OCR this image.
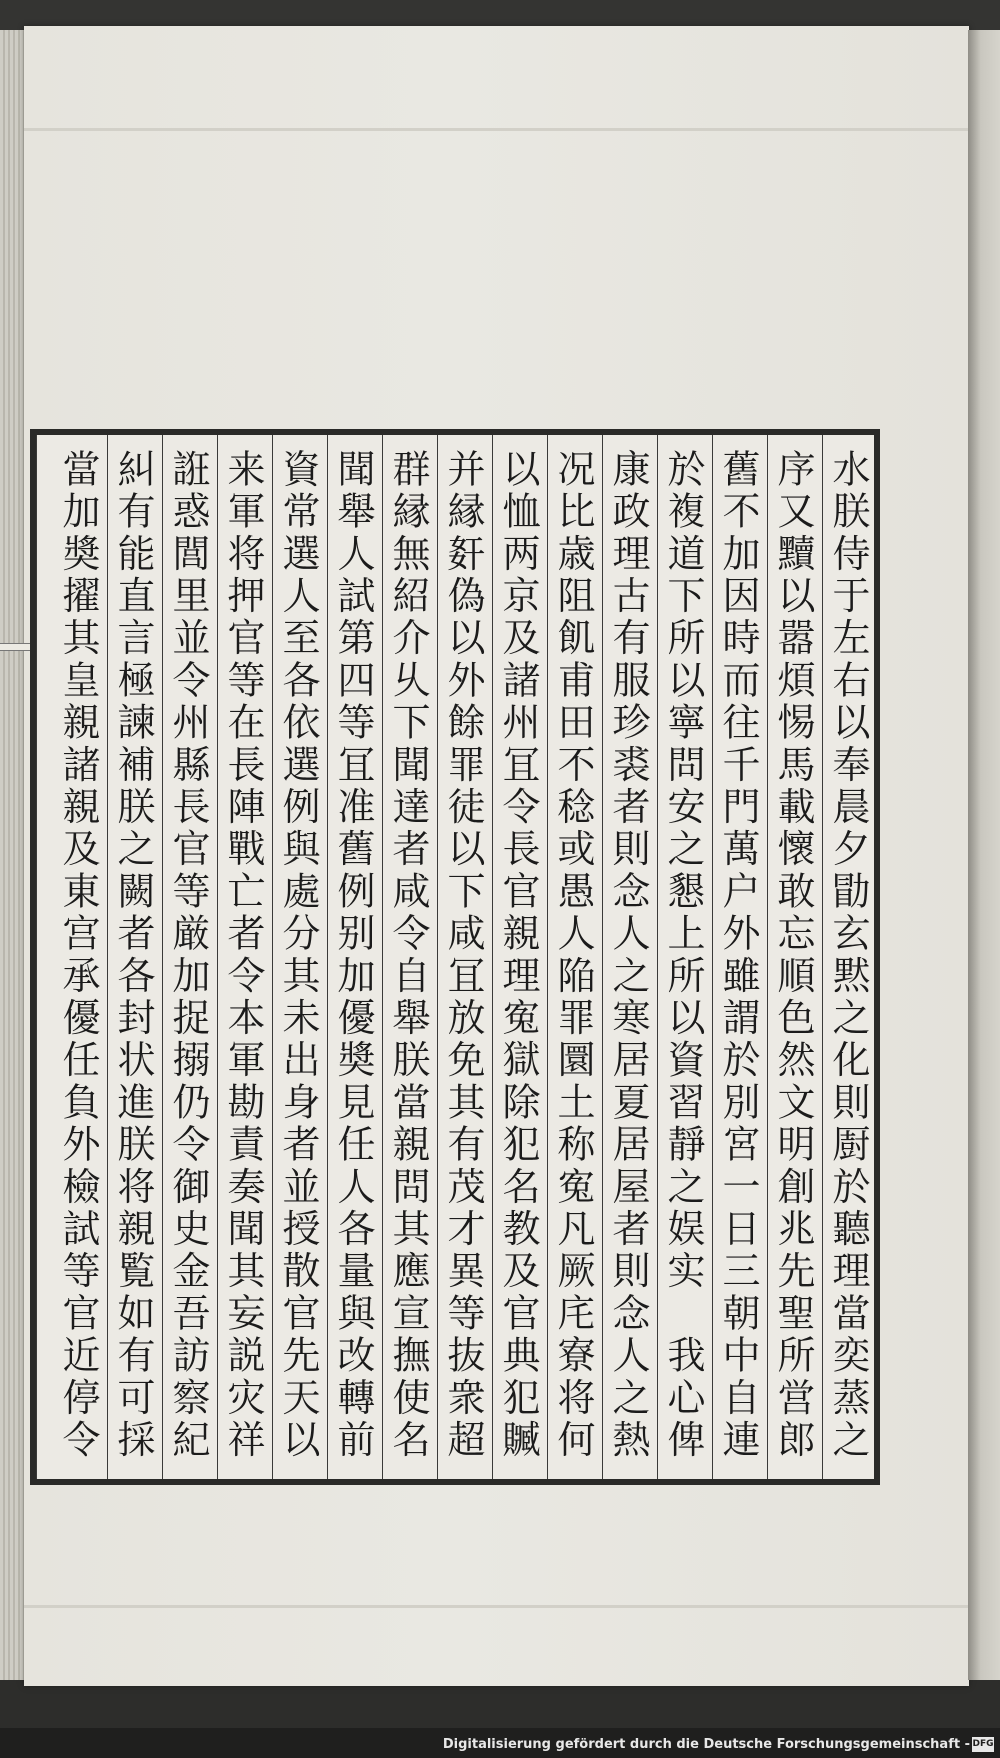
水朕侍于左右以奉晨夕勖玄黙之化則㕑於聽理當奕蒸之
序又黷以嚣煩惕馬載懷敢忘順色然文明創兆先聖所営郎
舊不加因時而往千門萬户外雖謂於別宮一日三朝中自連
於複道下所以寧問安之懇上所以資習靜之娱实　我心俾
康政理古有服珍裘者則念人之寒居夏居屋者則念人之熱
况比歳阻飢甫田不稔或愚人陥罪圜土称寃凡厥㡯寮将何
以恤两京及諸州冝令長官親理寃獄除犯名教及官典犯贓
并縁姧偽以外餘罪徒以下咸冝放免其有茂才異等抜衆超
群縁無紹介乆下聞達者咸令自舉朕當親問其應宣撫使名
聞舉人試第四等冝准舊例别加優奬見任人各量與改轉前
資常選人至各依選例與處分其未出身者並授散官先天以
来軍将押官等在長陣戰亡者令本軍勘責奏聞其妄説灾祥
誑惑閭里並令州縣長官等厳加捉搦仍令御史金吾訪察紀
糾有能直言極諫補朕之闕者各封状進朕将親覧如有可採
當加奬擢其皇親諸親及東宫承優任負外檢試等官近停令
Digitalisierung gefördert durch die Deutsche Forschungsgemeinschaft - DFG
